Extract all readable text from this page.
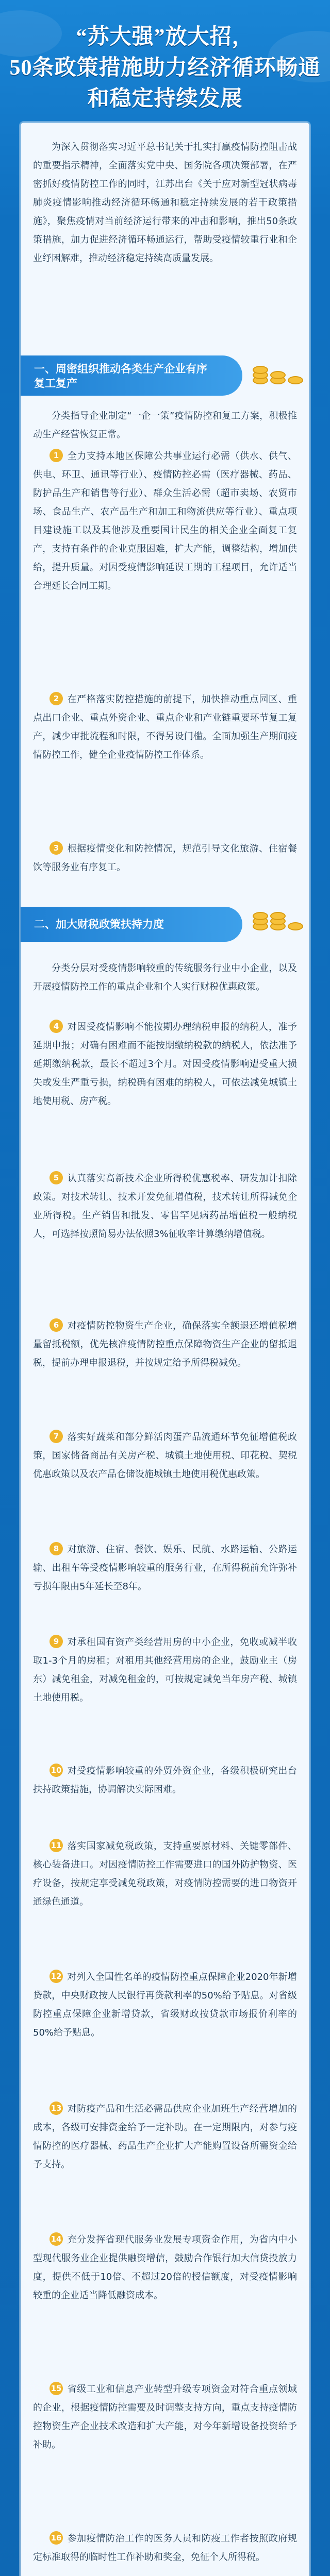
“苏大强”放大招，
50条政策措施助力经济循环畅通
和稳定持续发展
为深入贯彻落实习近平总书记关于扎实打赢疫情防控阻击战的重要指示精神，全面落实党中央、国务院各项决策部署，在严密抓好疫情防控工作的同时，江苏出台《关于应对新型冠状病毒肺炎疫情影响推动经济循环畅通和稳定持续发展的若干政策措施》，聚焦疫情对当前经济运行带来的冲击和影响，推出50条政策措施，加力促进经济循环畅通运行，帮助受疫情较重行业和企业纾困解难，推动经济稳定持续高质量发展。
一、周密组织推动各类生产企业有序复工复产
分类指导企业制定“一企一策”疫情防控和复工方案，积极推动生产经营恢复正常。
1 全力支持本地区保障公共事业运行必需（供水、供气、供电、环卫、通讯等行业）、疫情防控必需（医疗器械、药品、防护品生产和销售等行业）、群众生活必需（超市卖场、农贸市场、食品生产、农产品生产和加工和物流供应等行业）、重点项目建设施工以及其他涉及重要国计民生的相关企业全面复工复产，支持有条件的企业克服困难，扩大产能，调整结构，增加供给，提升质量。对因受疫情影响延误工期的工程项目，允许适当合理延长合同工期。
2 在严格落实防控措施的前提下，加快推动重点园区、重点出口企业、重点外资企业、重点企业和产业链重要环节复工复产，减少审批流程和时限，不得另设门槛。全面加强生产期间疫情防控工作，健全企业疫情防控工作体系。
3 根据疫情变化和防控情况，规范引导文化旅游、住宿餐饮等服务业有序复工。
二、加大财税政策扶持力度
分类分层对受疫情影响较重的传统服务行业中小企业，以及开展疫情防控工作的重点企业和个人实行财税优惠政策。
4 对因受疫情影响不能按期办理纳税申报的纳税人，准予延期申报；对确有困难而不能按期缴纳税款的纳税人，依法准予延期缴纳税款，最长不超过3个月。对因受疫情影响遭受重大损失或发生严重亏损，纳税确有困难的纳税人，可依法减免城镇土地使用税、房产税。
5 认真落实高新技术企业所得税优惠税率、研发加计扣除政策。对技术转让、技术开发免征增值税，技术转让所得减免企业所得税。生产销售和批发、零售罕见病药品增值税一般纳税人，可选择按照简易办法依照3%征收率计算缴纳增值税。
6 对疫情防控物资生产企业，确保落实全额退还增值税增量留抵税额，优先核准疫情防控重点保障物资生产企业的留抵退税，提前办理申报退税，并按规定给予所得税减免。
7 落实好蔬菜和部分鲜活肉蛋产品流通环节免征增值税政策，国家储备商品有关房产税、城镇土地使用税、印花税、契税优惠政策以及农产品仓储设施城镇土地使用税优惠政策。
8 对旅游、住宿、餐饮、娱乐、民航、水路运输、公路运输、出租车等受疫情影响较重的服务行业，在所得税前允许弥补亏损年限由5年延长至8年。
9 对承租国有资产类经营用房的中小企业，免收或减半收取1-3个月的房租；对租用其他经营用房的企业，鼓励业主（房东）减免租金，对减免租金的，可按规定减免当年房产税、城镇土地使用税。
10 对受疫情影响较重的外贸外资企业，各级积极研究出台扶持政策措施，协调解决实际困难。
11 落实国家减免税政策，支持重要原材料、关键零部件、核心装备进口。对因疫情防控工作需要进口的国外防护物资、医疗设备，按规定享受减免税政策，对疫情防控需要的进口物资开通绿色通道。
12 对列入全国性名单的疫情防控重点保障企业2020年新增贷款，中央财政按人民银行再贷款利率的50%给予贴息。对省级防控重点保障企业新增贷款，省级财政按贷款市场报价利率的50%给予贴息。
13 对防疫产品和生活必需品供应企业加班生产经营增加的成本，各级可安排资金给予一定补助。在一定期限内，对参与疫情防控的医疗器械、药品生产企业扩大产能购置设备所需资金给予支持。
14 充分发挥省现代服务业发展专项资金作用，为省内中小型现代服务业企业提供融资增信，鼓励合作银行加大信贷投放力度，提供不低于10倍、不超过20倍的授信额度，对受疫情影响较重的企业适当降低融资成本。
15 省级工业和信息产业转型升级专项资金对符合重点领域的企业，根据疫情防控需要及时调整支持方向，重点支持疫情防控物资生产企业技术改造和扩大产能，对今年新增设备投资给予补助。
16 参加疫情防治工作的医务人员和防疫工作者按照政府规定标准取得的临时性工作补助和奖金，免征个人所得税。
